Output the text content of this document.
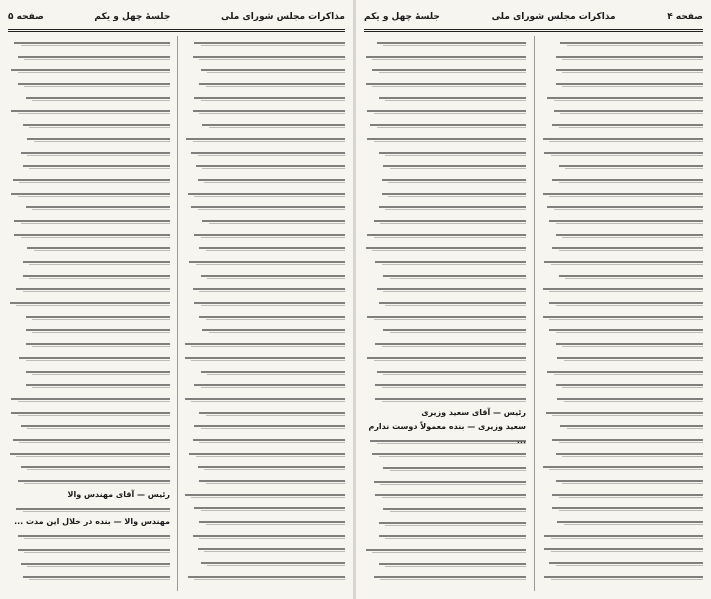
مذاکرات مجلس شورای ملی
جلسهٔ چهل و یکم
صفحه ۵
رئیس — آقای مهندس والا
مهندس والا — بنده در خلال این مدت ...
صفحه ۴
مذاکرات مجلس شورای ملی
جلسهٔ چهل و یکم
رئیس — آقای سعید وزیری
سعید وزیری — بنده معمولاً دوست ندارم
